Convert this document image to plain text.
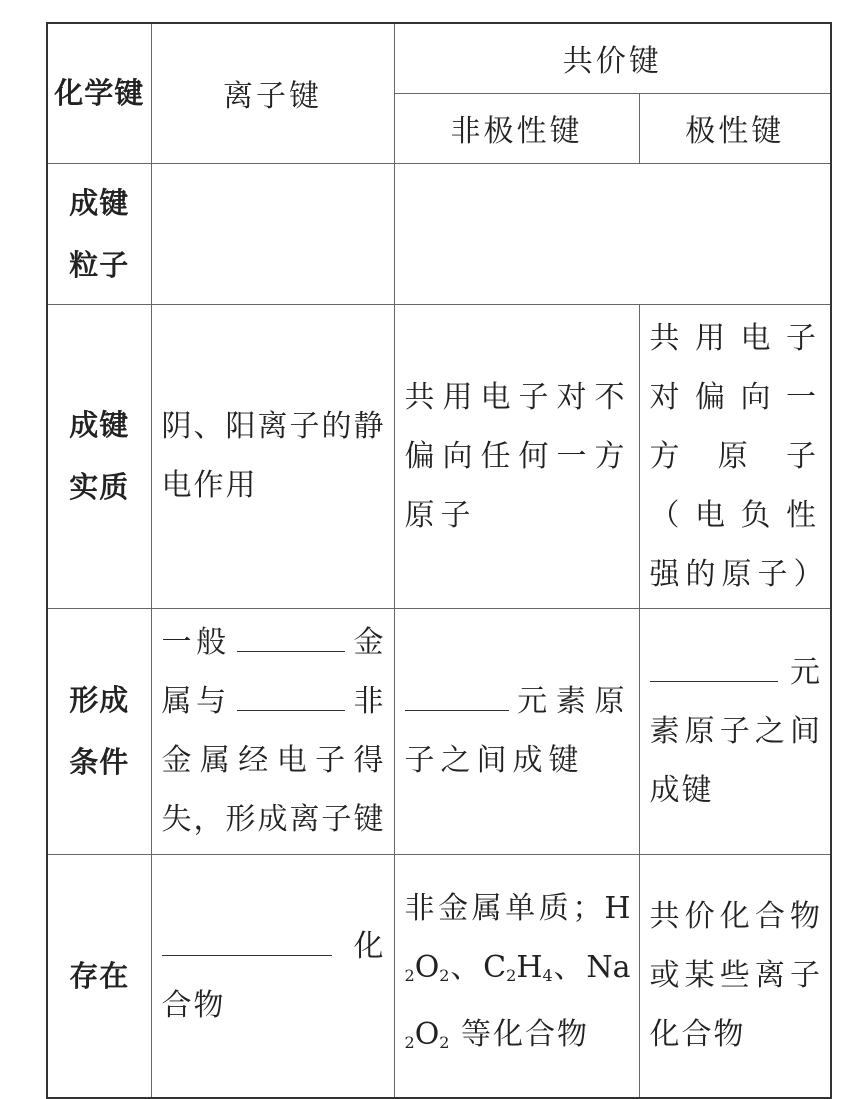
化学键	离子键	共价键	
		非极性键	极性键

成键
粒子			

成键
实质	阴、阳离子的静电作用	共用电子对不偏向任何一方原子	共用电子对偏向一方原子（电负性强的原子）

形成
条件	一般 金属与 非金属经电子得失，形成离子键	元素原子之间成键	元素原子之间成键
存在	化合物	非金属单质；$H_2O_2$、$C_2H_4$、$Na_2O_2$ 等化合物	共价化合物或某些离子化合物
